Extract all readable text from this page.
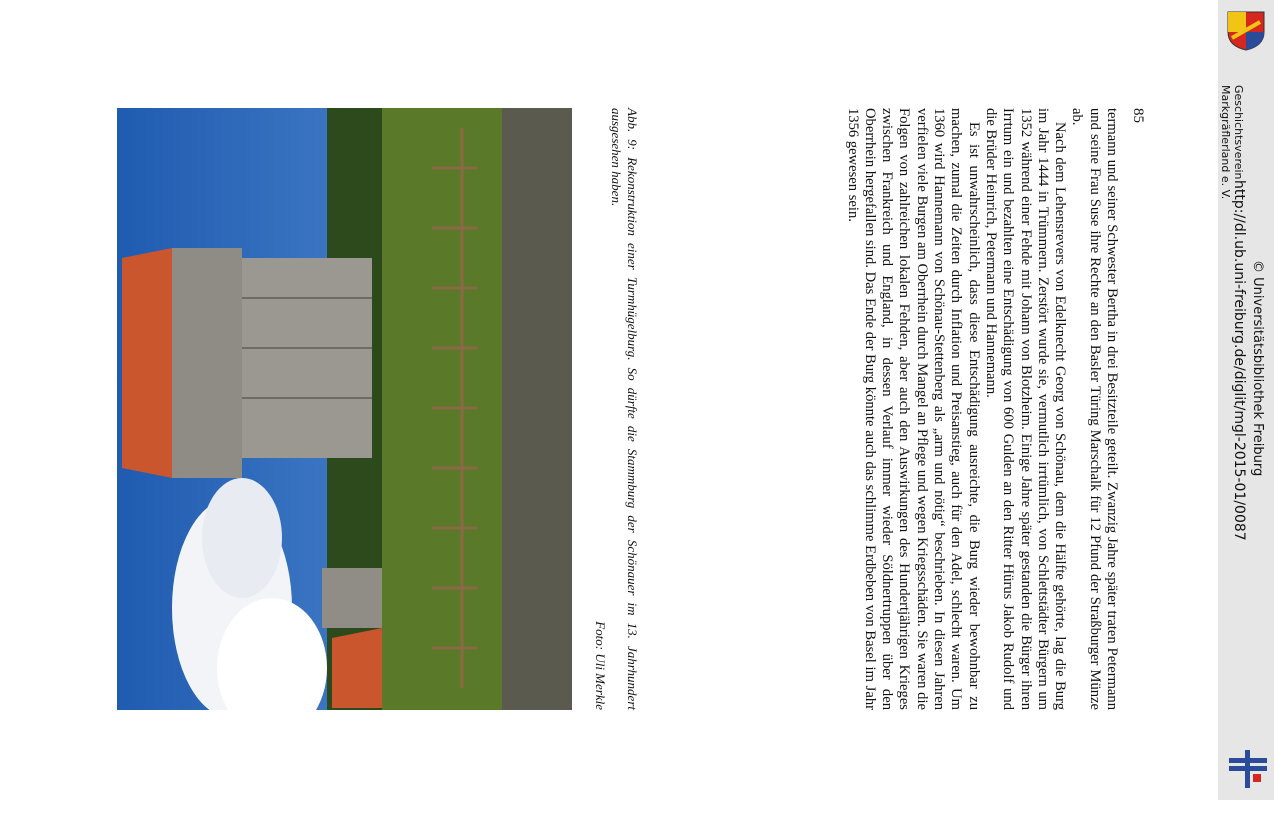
85

termann und seiner Schwester Bertha in drei Besitzteile geteilt. Zwanzig Jahre später traten Petermann und seine Frau Suse ihre Rechte an den Basler Türing Marschalk für 12 Pfund der Straßburger Münze ab.

Nach dem Lehensrevers von Edelknecht Georg von Schönau, dem die Hälfte gehörte, lag die Burg im Jahr 1444 in Trümmern. Zerstört wurde sie, vermutlich irrtümlich, von Schlettstädter Bürgern um 1352 während einer Fehde mit Johann von Blotzheim. Einige Jahre später gestanden die Bürger ihren Irrtum ein und bezahlten eine Entschädigung von 600 Gulden an den Ritter Hürus Jakob Rudolf und die Brüder Heinrich, Petermann und Hannemann.

Es ist unwahrscheinlich, dass diese Entschädigung ausreichte, die Burg wieder bewohnbar zu machen, zumal die Zeiten durch Inflation und Preisanstieg, auch für den Adel, schlecht waren. Um 1360 wird Hannemann von Schönau-Stettenberg als „arm und nötig“ beschrieben. In diesen Jahren verfielen viele Burgen am Oberrhein durch Mangel an Pflege und wegen Kriegsschäden. Sie waren die Folgen von zahlreichen lokalen Fehden, aber auch den Auswirkungen des Hundertjährigen Krieges zwischen Frankreich und England, in dessen Verlauf immer wieder Söldnertruppen über den Oberrhein hergefallen sind. Das Ende der Burg könnte auch das schlimme Erdbeben von Basel im Jahr 1356 gewesen sein.

Abb. 9: Rekonstruktion einer Turmhügelburg. So dürfte die Stammburg der Schönauer im 13. Jahrhundert ausgesehen haben.
Foto: Uli Merkle
Geschichtsverein
Markgräflerland e. V.
http://dl.ub.uni-freiburg.de/diglit/mgl-2015-01/0087 © Universitätsbibliothek Freiburg
